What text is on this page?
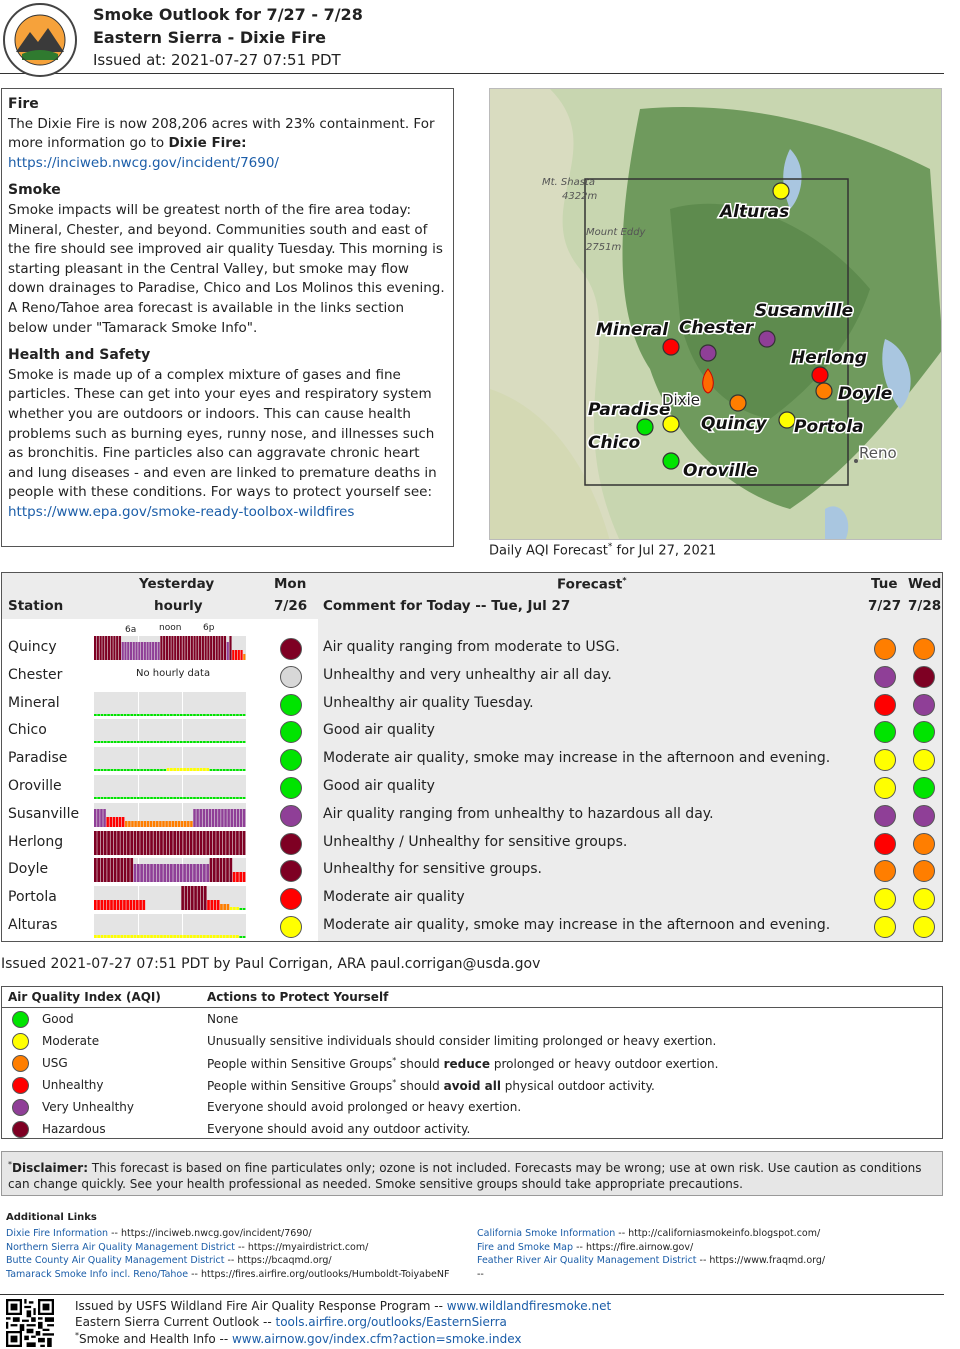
Smoke Outlook for 7/27 - 7/28
Eastern Sierra - Dixie Fire
Issued at: 2021-07-27 07:51 PDT
Fire
The Dixie Fire is now 208,206 acres with 23% containment. For more information go to Dixie Fire:
https://inciweb.nwcg.gov/incident/7690/
Smoke
Smoke impacts will be greatest north of the fire area today: Mineral, Chester, and beyond. Communities south and east of the fire should see improved air quality Tuesday. This morning is starting pleasant in the Central Valley, but smoke may flow down drainages to Paradise, Chico and Los Molinos this evening. A Reno/Tahoe area forecast is available in the links section below under "Tamarack Smoke Info".
Health and Safety
Smoke is made up of a complex mixture of gases and fine particles. These can get into your eyes and respiratory system whether you are outdoors or indoors. This can cause health problems such as burning eyes, runny nose, and illnesses such as bronchitis. Fine particles also can aggravate chronic heart and lung diseases - and even are linked to premature deaths in people with these conditions. For ways to protect yourself see: https://www.epa.gov/smoke-ready-toolbox-wildfires
Mt. Shasta
4322m
Mount Eddy
2751m
Alturas
Susanville
Mineral Chester
Herlong
Doyle
Paradise
Quincy Portola
Chico
Oroville
Dixie
Reno
Daily AQI Forecast* for Jul 27, 2021
Station
Yesterday
hourly
Mon
7/26
Forecast*
Comment for Today -- Tue, Jul 27
Tue
7/27
Wed
7/28
6a	noon 6p
Quincy	Air quality ranging from moderate to USG.
Chester	No hourly data	Unhealthy and very unhealthy air all day.
Mineral	Unhealthy air quality Tuesday.
Chico	Good air quality
Paradise	Moderate air quality, smoke may increase in the afternoon and evening.
Oroville	Good air quality
Susanville	Air quality ranging from unhealthy to hazardous all day.
Herlong	Unhealthy / Unhealthy for sensitive groups.
Doyle	Unhealthy for sensitive groups.
Portola	Moderate air quality
Alturas	Moderate air quality, smoke may increase in the afternoon and evening.
Issued 2021-07-27 07:51 PDT by Paul Corrigan, ARA paul.corrigan@usda.gov
Air Quality Index (AQI)	Actions to Protect Yourself
Good	None
Moderate	Unusually sensitive individuals should consider limiting prolonged or heavy exertion.
USG	People within Sensitive Groups* should reduce prolonged or heavy outdoor exertion.
Unhealthy	People within Sensitive Groups* should avoid all physical outdoor activity.
Very Unhealthy	Everyone should avoid prolonged or heavy exertion.
Hazardous	Everyone should avoid any outdoor activity.
*Disclaimer: This forecast is based on fine particulates only; ozone is not included. Forecasts may be wrong; use at own risk. Use caution as conditions can change quickly. See your health professional as needed. Smoke sensitive groups should take appropriate precautions.
Additional Links
Dixie Fire Information -- https://inciweb.nwcg.gov/incident/7690/
Northern Sierra Air Quality Management District -- https://myairdistrict.com/
Butte County Air Quality Management District -- https://bcaqmd.org/
Tamarack Smoke Info incl. Reno/Tahoe -- https://fires.airfire.org/outlooks/Humboldt-ToiyabeNF
California Smoke Information -- http://californiasmokeinfo.blogspot.com/
Fire and Smoke Map -- https://fire.airnow.gov/
Feather River Air Quality Management District -- https://www.fraqmd.org/
--
Issued by USFS Wildland Fire Air Quality Response Program -- www.wildlandfiresmoke.net
Eastern Sierra Current Outlook -- tools.airfire.org/outlooks/EasternSierra
*Smoke and Health Info -- www.airnow.gov/index.cfm?action=smoke.index
